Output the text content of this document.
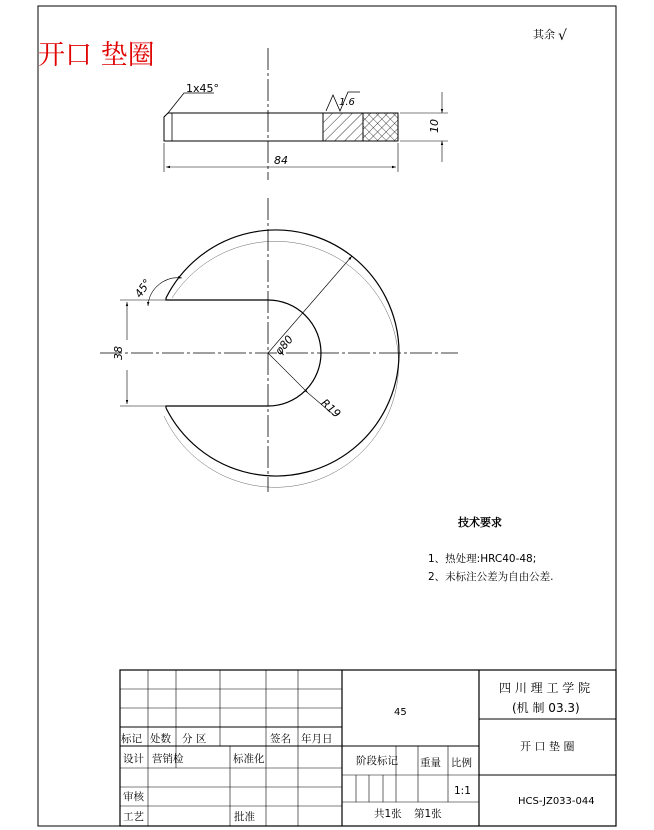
开口 垫圈
其余 √
1x45°
1.6
10
84
φ80
R19
38
45°
技术要求
1、热处理:HRC40-48;
2、未标注公差为自由公差.
标记 处数 分 区	签名 年月日
设计 营销检	标准化
审核
工艺	批准
阶段标记 重量 比例
1:1
共1张 第1张
45
四 川 理 工 学 院
(机 制 03.3)
开 口 垫 圈
HCS-JZ033-044
